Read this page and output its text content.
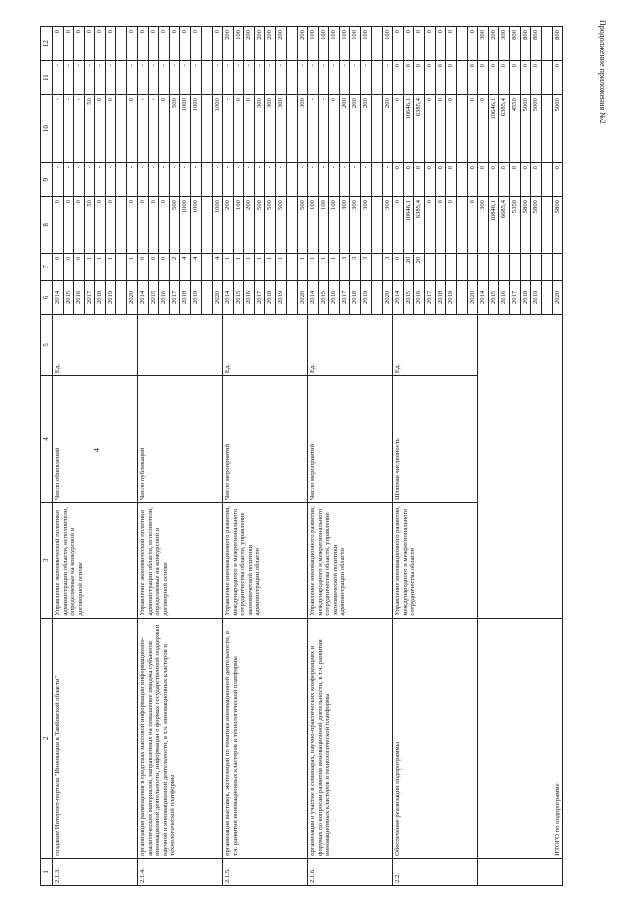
4
Продолжение приложения №2
1	2	3	4	5	6	7	8	9	10	11	12
2.1.3.	создание Интернет-портала "Инновации в Тамбовской области"	Управление экономической политики администрации области, исполнители, определяемые на конкурсной и договорной основе	Число обновлений	Ед.	2014	0	0	-	-	-	0
					2015	0	0	-	-	-	0
					2016	0	0	-	-	-	0
					2017	1	50	-	50	-	0
					2018	1	0	-	0	-	0
					2019	1	0	-	0	-	0

					2020	1	0	-	0	-	0
2.1.4.	организация размещения в средствах массовой информации информационно-аналитических материалов, направленных на повышение имиджа субъектов инновационной деятельности, информации о формах государственной поддержки научной и инновационной деятельности, в т.ч. инновационных кластеров и технологической платформы	Управление экономической политики администрации области, исполнители, определяемые на конкурсной и договорной основе	Число публикаций		2014	0	0	-	-	-	0
					2015	0	0	-	-	-	0
					2016	0	0	-	0	-	0
					2017	2	500	-	500	-	0
					2018	4	1000	-	1000	-	0
					2019	4	1000	-	1000	-	0

					2020	4	1000	-	1000	-	0
2.1.5.	организация выставок, экспозиций по тематике инновационной деятельности, в т.ч. развития инновационных кластеров и технологической платформы	Управление инновационного развития, международного и межрегионального сотрудничества области, управление экономической политики администрации области	Число мероприятий	Ед.	2014	1	200	-	-	-	200
					2015	1	100	-	0	-	100
					2016	1	200	-	0	-	200
					2017	1	500	-	300	-	200
					2018	1	500	-	300	-	200
					2019	1	500	-	300	-	200

					2020	1	500	-	300	-	200
2.1.6.	организация и участие в семинарах, научно-практических конференциях и форумах по вопросам развития инновационной деятельности, в т.ч. развития инновационных кластеров и технологической платформы	Управление инновационного развития, международного и межрегионального сотрудничества области, управление экономической политики администрации области	Число мероприятий	Ед.	2014	1	100	-	-	-	100
					2015	1	100	-	-	-	100
					2016	1	100	-	0	-	100
					2017	3	300	-	200	-	100
					2018	3	300	-	200	-	100
					2019	3	300	-	200	-	100

					2020	3	300	-	200	-	100
2.2.	Обеспечение реализации подпрограммы	Управление инновационного развития, международного и межрегионального сотрудничества области	Штатная численность	Ед.	2014	0	0	0	0	0	0
					2015	20	10646,1	0	10646,1	0	0
					2016	20	6385,4	0	6385,4	0	0
					2017		0	0	0	0	0
					2018		0	0	0	0	0
					2019		0	0	0	0	0

					2020		0	0	0	0	0
	ИТОГО по подпрограмме				2014		300	0	0	0	300
					2015		10846,1	0	10646,1	0	200
					2016		6685,4	0	6385,4	0	300
					2017		5350	0	4550	0	800
					2018		5800	0	5000	0	800
					2019		5800	0	5000	0	800

					2020		5800	0	5000	0	800
